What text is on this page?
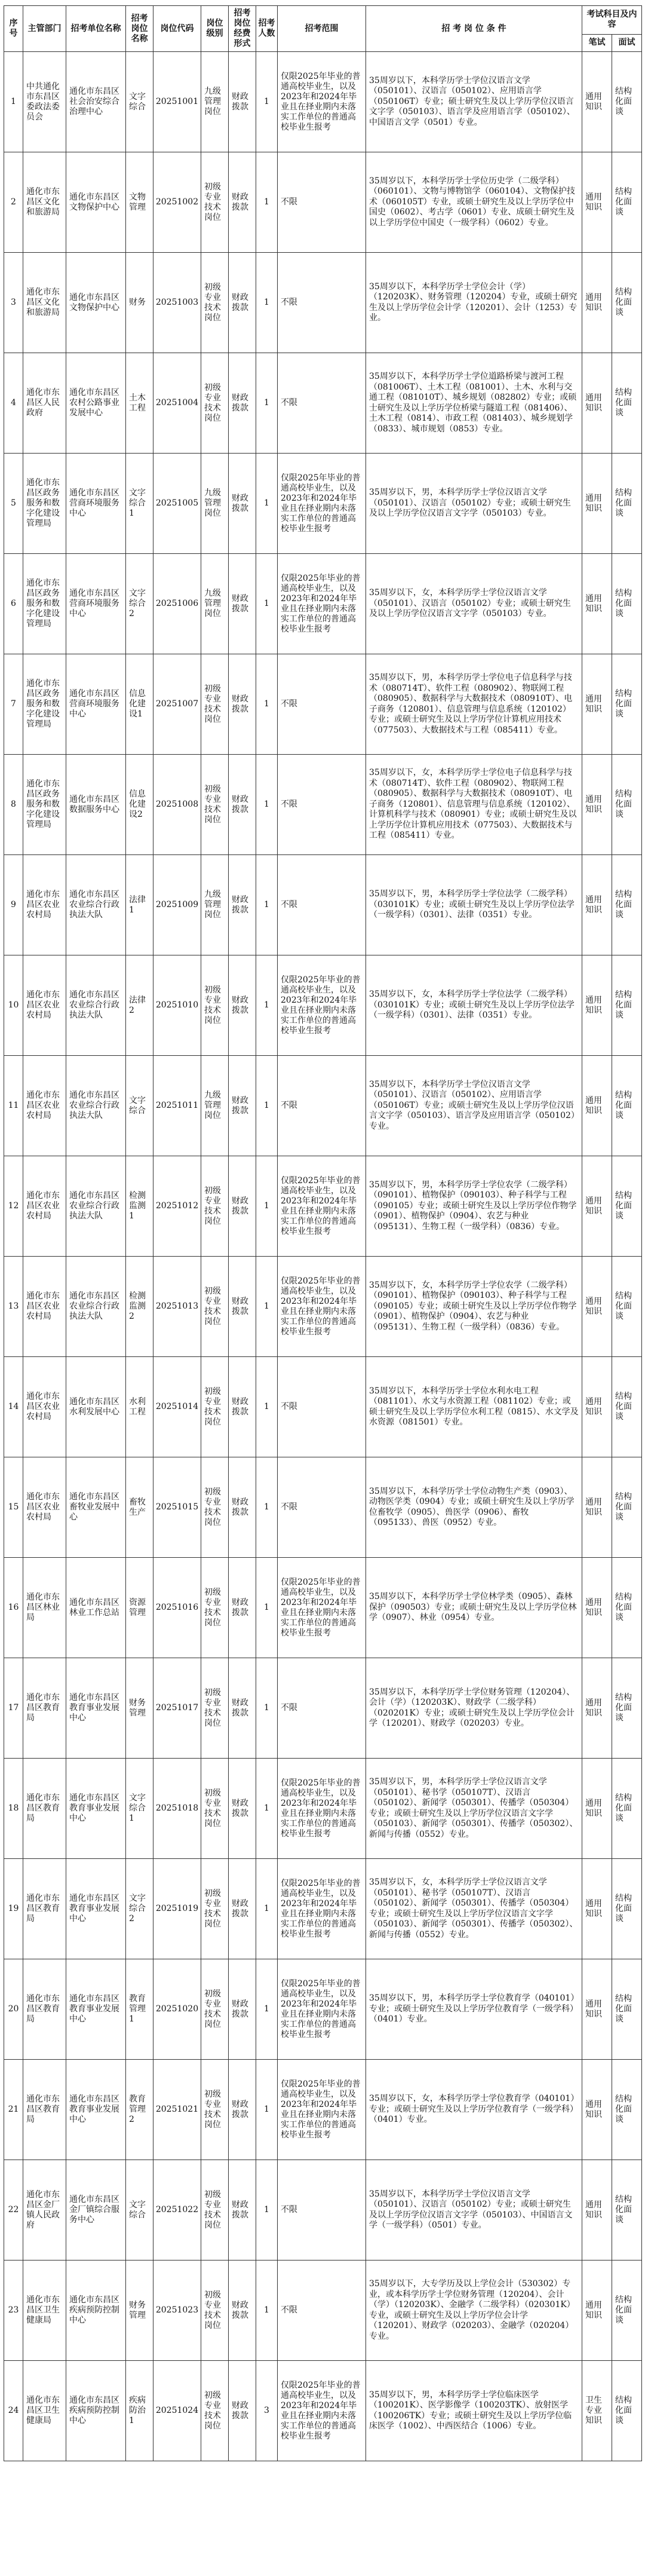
序号	主管部门	招考单位名称	招考岗位名称	岗位代码	岗位级别	招考岗位经费形式	招考人数	招考范围	招 考 岗 位 条 件	考试科目及内容	
										笔试	面试
1	中共通化市东昌区委政法委员会	通化市东昌区社会治安综合治理中心	文字综合	20251001	九级管理岗位	财政拨款	1	仅限2025年毕业的普通高校毕业生，以及2023年和2024年毕业且在择业期内未落实工作单位的普通高校毕业生报考	35周岁以下，本科学历学士学位汉语言文学（050101）、汉语言（050102）、应用语言学（050106T）专业；硕士研究生及以上学历学位汉语言文字学（050103）、语言学及应用语言学（050102）、中国语言文学（0501）专业。	通用知识	结构化面谈
2	通化市东昌区文化和旅游局	通化市东昌区文物保护中心	文物管理	20251002	初级专业技术岗位	财政拨款	1	不限	35周岁以下，本科学历学士学位历史学（二级学科）（060101）、文物与博物馆学（060104）、文物保护技术（060105T）专业，或硕士研究生及以上学历学位中国史（0602）、考古学（0601）专业、成硕士研究生及以上学历学位中国史（一级学科）（0602）专业。	通用知识	结构化面谈
3	通化市东昌区文化和旅游局	通化市东昌区文物保护中心	财务	20251003	初级专业技术岗位	财政拨款	1	不限	35周岁以下，本科学历学士学位会计（学）（120203K）、财务管理（120204）专业，或硕士研究生及以上学历学位会计学（120201）、会计（1253）专业。	通用知识	结构化面谈
4	通化市东昌区人民政府	通化市东昌区农村公路事业发展中心	土木工程	20251004	初级专业技术岗位	财政拨款	1	不限	35周岁以下，本科学历学士学位道路桥梁与渡河工程（081006T）、土木工程（081001）、土木、水利与交通工程（081010T）、城乡规划（082802）专业；或硕士研究生及以上学历学位桥梁与隧道工程（081406）、土木工程（0814）、市政工程（081403）、城乡规划学（0833）、城市规划（0853）专业。	通用知识	结构化面谈
5	通化市东昌区政务服务和数字化建设管理局	通化市东昌区营商环境服务中心	文字综合1	20251005	九级管理岗位	财政拨款	1	仅限2025年毕业的普通高校毕业生，以及2023年和2024年毕业且在择业期内未落实工作单位的普通高校毕业生报考	35周岁以下，男，本科学历学士学位汉语言文学（050101）、汉语言（050102）专业；或硕士研究生及以上学历学位汉语言文字学（050103）专业。	通用知识	结构化面谈
6	通化市东昌区政务服务和数字化建设管理局	通化市东昌区营商环境服务中心	文字综合2	20251006	九级管理岗位	财政拨款	1	仅限2025年毕业的普通高校毕业生，以及2023年和2024年毕业且在择业期内未落实工作单位的普通高校毕业生报考	35周岁以下，女，本科学历学士学位汉语言文学（050101）、汉语言（050102）专业；或硕士研究生及以上学历学位汉语言文字学（050103）专业。	通用知识	结构化面谈
7	通化市东昌区政务服务和数字化建设管理局	通化市东昌区营商环境服务中心	信息化建设1	20251007	初级专业技术岗位	财政拨款	1	不限	35周岁以下，男，本科学历学士学位电子信息科学与技术（080714T）、软件工程（080902）、物联网工程（080905）、数据科学与大数据技术（080910T）、电子商务（120801）、信息管理与信息系统（120102）专业；或硕士研究生及以上学历学位计算机应用技术（077503）、大数据技术与工程（085411）专业。	通用知识	结构化面谈
8	通化市东昌区政务服务和数字化建设管理局	通化市东昌区数据服务中心	信息化建设2	20251008	初级专业技术岗位	财政拨款	1	不限	35周岁以下，女，本科学历学士学位电子信息科学与技术（080714T）、软件工程（080902）、物联网工程（080905）、数据科学与大数据技术（080910T）、电子商务（120801）、信息管理与信息系统（120102）、计算机科学与技术（080901）专业；或硕士研究生及以上学历学位计算机应用技术（077503）、大数据技术与工程（085411）专业。	通用知识	结构化面谈
9	通化市东昌区农业农村局	通化市东昌区农业综合行政执法大队	法律1	20251009	九级管理岗位	财政拨款	1	不限	35周岁以下，男，本科学历学士学位法学（二级学科）（030101K）专业；或硕士研究生及以上学历学位法学（一级学科）（0301）、法律（0351）专业。	通用知识	结构化面谈
10	通化市东昌区农业农村局	通化市东昌区农业综合行政执法大队	法律2	20251010	初级专业技术岗位	财政拨款	1	仅限2025年毕业的普通高校毕业生，以及2023年和2024年毕业且在择业期内未落实工作单位的普通高校毕业生报考	35周岁以下，女，本科学历学士学位法学（二级学科）（030101K）专业；或硕士研究生及以上学历学位法学（一级学科）（0301）、法律（0351）专业。	通用知识	结构化面谈
11	通化市东昌区农业农村局	通化市东昌区农业综合行政执法大队	文字综合	20251011	九级管理岗位	财政拨款	1	不限	35周岁以下，本科学历学士学位汉语言文学（050101）、汉语言（050102）、应用语言学（050106T）专业；或硕士研究生及以上学历学位汉语言文字学（050103）、语言学及应用语言学（050102）专业。	通用知识	结构化面谈
12	通化市东昌区农业农村局	通化市东昌区农业综合行政执法大队	检测监测1	20251012	初级专业技术岗位	财政拨款	1	仅限2025年毕业的普通高校毕业生，以及2023年和2024年毕业且在择业期内未落实工作单位的普通高校毕业生报考	35周岁以下，男，本科学历学士学位农学（二级学科）（090101）、植物保护（090103）、种子科学与工程（090105）专业；或硕士研究生及以上学历学位作物学（0901）、植物保护（0904）、农艺与种业（095131）、生物工程（一级学科）（0836）专业。	通用知识	结构化面谈
13	通化市东昌区农业农村局	通化市东昌区农业综合行政执法大队	检测监测2	20251013	初级专业技术岗位	财政拨款	1	仅限2025年毕业的普通高校毕业生，以及2023年和2024年毕业且在择业期内未落实工作单位的普通高校毕业生报考	35周岁以下，女，本科学历学士学位农学（二级学科）（090101）、植物保护（090103）、种子科学与工程（090105）专业；或硕士研究生及以上学历学位作物学（0901）、植物保护（0904）、农艺与种业（095131）、生物工程（一级学科）（0836）专业。	通用知识	结构化面谈
14	通化市东昌区农业农村局	通化市东昌区水利发展中心	水利工程	20251014	初级专业技术岗位	财政拨款	1	不限	35周岁以下，本科学历学士学位水利水电工程（081101）、水文与水资源工程（081102）专业；或硕士研究生及以上学历学位水利工程（0815）、水文学及水资源（081501）专业。	通用知识	结构化面谈
15	通化市东昌区农业农村局	通化市东昌区畜牧业发展中心	畜牧生产	20251015	初级专业技术岗位	财政拨款	1	不限	35周岁以下，本科学历学士学位动物生产类（0903）、动物医学类（0904）专业；或硕士研究生及以上学历学位畜牧学（0905）、兽医学（0906）、畜牧（095133）、兽医（0952）专业。	通用知识	结构化面谈
16	通化市东昌区林业局	通化市东昌区林业工作总站	资源管理	20251016	初级专业技术岗位	财政拨款	1	仅限2025年毕业的普通高校毕业生，以及2023年和2024年毕业且在择业期内未落实工作单位的普通高校毕业生报考	35周岁以下，本科学历学士学位林学类（0905）、森林保护（090503）专业；或硕士研究生及以上学历学位林学（0907）、林业（0954）专业。	通用知识	结构化面谈
17	通化市东昌区教育局	通化市东昌区教育事业发展中心	财务管理	20251017	初级专业技术岗位	财政拨款	1	不限	35周岁以下，本科学历学士学位财务管理（120204）、会计（学）（120203K）、财政学（二级学科）（020201K）专业；或硕士研究生及以上学历学位会计学（120201）、财政学（020203）专业。	通用知识	结构化面谈
18	通化市东昌区教育局	通化市东昌区教育事业发展中心	文字综合1	20251018	初级专业技术岗位	财政拨款	1	仅限2025年毕业的普通高校毕业生，以及2023年和2024年毕业且在择业期内未落实工作单位的普通高校毕业生报考	35周岁以下，男，本科学历学士学位汉语言文学（050101）、秘书学（050107T）、汉语言（050102）、新闻学（050301）、传播学（050304）专业；或硕士研究生及以上学历学位汉语言文字学（050103）、新闻学（050301）、传播学（050302）、新闻与传播（0552）专业。	通用知识	结构化面谈
19	通化市东昌区教育局	通化市东昌区教育事业发展中心	文字综合2	20251019	初级专业技术岗位	财政拨款	1	仅限2025年毕业的普通高校毕业生，以及2023年和2024年毕业且在择业期内未落实工作单位的普通高校毕业生报考	35周岁以下，女，本科学历学士学位汉语言文学（050101）、秘书学（050107T）、汉语言（050102）、新闻学（050301）、传播学（050304）专业；或硕士研究生及以上学历学位汉语言文字学（050103）、新闻学（050301）、传播学（050302）、新闻与传播（0552）专业。	通用知识	结构化面谈
20	通化市东昌区教育局	通化市东昌区教育事业发展中心	教育管理1	20251020	初级专业技术岗位	财政拨款	1	仅限2025年毕业的普通高校毕业生，以及2023年和2024年毕业且在择业期内未落实工作单位的普通高校毕业生报考	35周岁以下，男，本科学历学士学位教育学（040101）专业；或硕士研究生及以上学历学位教育学（一级学科）（0401）专业。	通用知识	结构化面谈
21	通化市东昌区教育局	通化市东昌区教育事业发展中心	教育管理2	20251021	初级专业技术岗位	财政拨款	1	仅限2025年毕业的普通高校毕业生，以及2023年和2024年毕业且在择业期内未落实工作单位的普通高校毕业生报考	35周岁以下，女，本科学历学士学位教育学（040101）专业；或硕士研究生及以上学历学位教育学（一级学科）（0401）专业。	通用知识	结构化面谈
22	通化市东昌区金厂镇人民政府	通化市东昌区金厂镇综合服务中心	文字综合	20251022	初级专业技术岗位	财政拨款	1	不限	35周岁以下，本科学历学士学位汉语言文学（050101）、汉语言（050102）专业；或硕士研究生及以上学历学位汉语言文字学（050103）、中国语言文学（一级学科）（0501）专业。	通用知识	结构化面谈
23	通化市东昌区卫生健康局	通化市东昌区疾病预防控制中心	财务管理	20251023	初级专业技术岗位	财政拨款	1	不限	35周岁以下，大专学历及以上学位会计（530302）专业，或本科学历学士学位财务管理（120204）、会计（学）（120203K）、金融学（二级学科）（020301K）专业，或硕士研究生及以上学历学位会计学（120201）、财政学（020203）、金融学（020204）专业。	通用知识	结构化面谈
24	通化市东昌区卫生健康局	通化市东昌区疾病预防控制中心	疾病防治1	20251024	初级专业技术岗位	财政拨款	3	仅限2025年毕业的普通高校毕业生，以及2023年和2024年毕业且在择业期内未落实工作单位的普通高校毕业生报考	35周岁以下，男，本科学历学士学位临床医学（100201K）、医学影像学（100203TK）、放射医学（100206TK）专业；或硕士研究生及以上学历学位临床医学（1002）、中西医结合（1006）专业。	卫生专业知识	结构化面谈
